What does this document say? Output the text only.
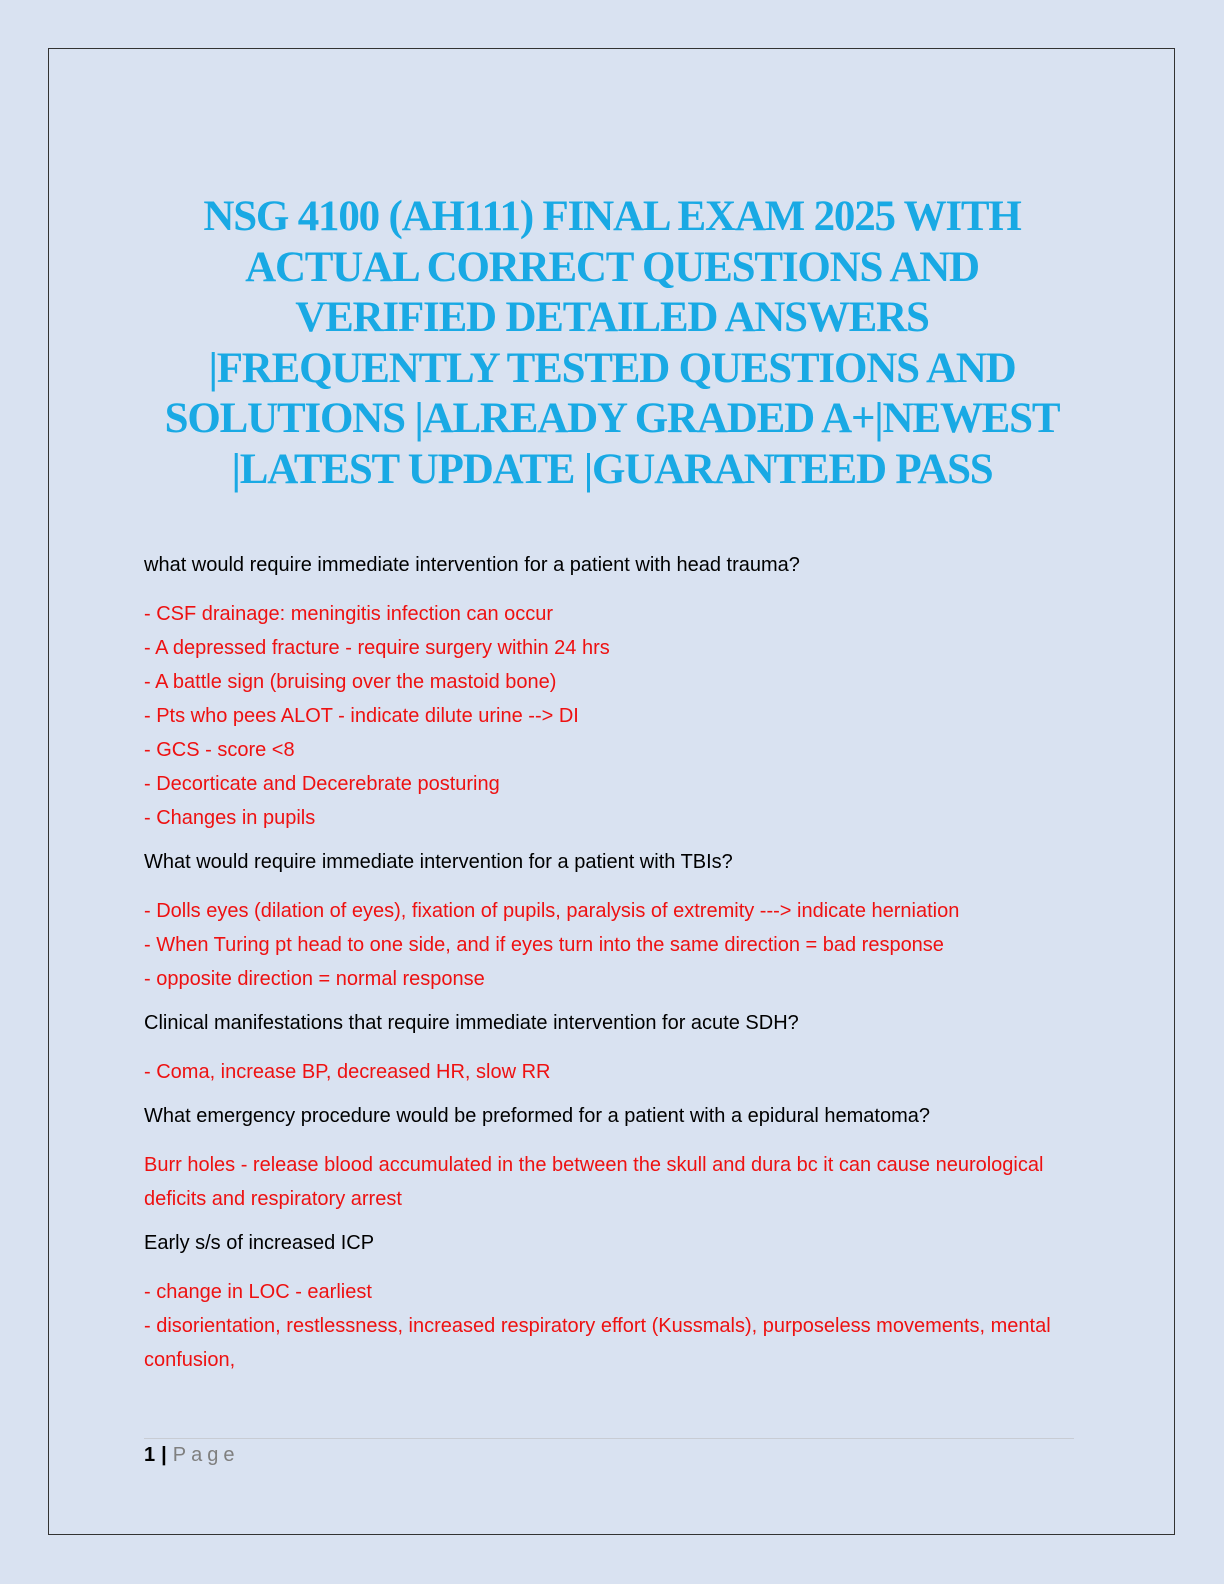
NSG 4100 (AH111) FINAL EXAM 2025 WITH
ACTUAL CORRECT QUESTIONS AND
VERIFIED DETAILED ANSWERS
|FREQUENTLY TESTED QUESTIONS AND
SOLUTIONS |ALREADY GRADED A+|NEWEST
|LATEST UPDATE |GUARANTEED PASS

what would require immediate intervention for a patient with head trauma?

- CSF drainage: meningitis infection can occur

- A depressed fracture - require surgery within 24 hrs

- A battle sign (bruising over the mastoid bone)

- Pts who pees ALOT - indicate dilute urine --> DI

- GCS - score <8

- Decorticate and Decerebrate posturing

- Changes in pupils

What would require immediate intervention for a patient with TBIs?

- Dolls eyes (dilation of eyes), fixation of pupils, paralysis of extremity ---> indicate herniation

- When Turing pt head to one side, and if eyes turn into the same direction = bad response

- opposite direction = normal response

Clinical manifestations that require immediate intervention for acute SDH?

- Coma, increase BP, decreased HR, slow RR

What emergency procedure would be preformed for a patient with a epidural hematoma?

Burr holes - release blood accumulated in the between the skull and dura bc it can cause neurological deficits and respiratory arrest

Early s/s of increased ICP

- change in LOC - earliest

- disorientation, restlessness, increased respiratory effort (Kussmals), purposeless movements, mental confusion,

1 | Page
